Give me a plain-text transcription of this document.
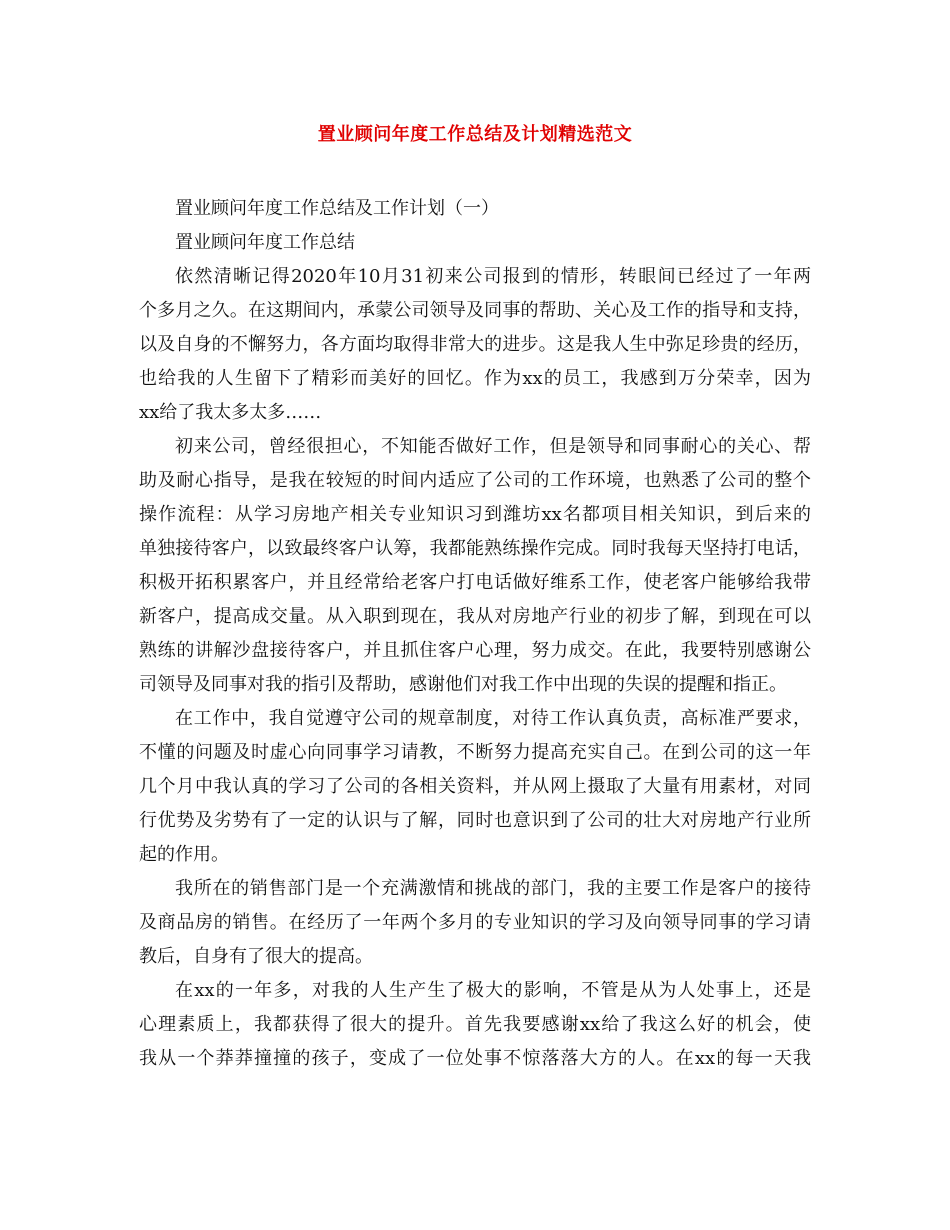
置业顾问年度工作总结及计划精选范文
置业顾问年度工作总结及工作计划（一）
置业顾问年度工作总结
依然清晰记得2020年10月31初来公司报到的情形，转眼间已经过了一年两
个多月之久。在这期间内，承蒙公司领导及同事的帮助、关心及工作的指导和支持，
以及自身的不懈努力，各方面均取得非常大的进步。这是我人生中弥足珍贵的经历，
也给我的人生留下了精彩而美好的回忆。作为xx的员工，我感到万分荣幸，因为
xx给了我太多太多……
初来公司，曾经很担心，不知能否做好工作，但是领导和同事耐心的关心、帮
助及耐心指导，是我在较短的时间内适应了公司的工作环境，也熟悉了公司的整个
操作流程：从学习房地产相关专业知识习到潍坊xx名都项目相关知识，到后来的
单独接待客户，以致最终客户认筹，我都能熟练操作完成。同时我每天坚持打电话，
积极开拓积累客户，并且经常给老客户打电话做好维系工作，使老客户能够给我带
新客户，提高成交量。从入职到现在，我从对房地产行业的初步了解，到现在可以
熟练的讲解沙盘接待客户，并且抓住客户心理，努力成交。在此，我要特别感谢公
司领导及同事对我的指引及帮助，感谢他们对我工作中出现的失误的提醒和指正。
在工作中，我自觉遵守公司的规章制度，对待工作认真负责，高标准严要求，
不懂的问题及时虚心向同事学习请教，不断努力提高充实自己。在到公司的这一年
几个月中我认真的学习了公司的各相关资料，并从网上摄取了大量有用素材，对同
行优势及劣势有了一定的认识与了解，同时也意识到了公司的壮大对房地产行业所
起的作用。
我所在的销售部门是一个充满激情和挑战的部门，我的主要工作是客户的接待
及商品房的销售。在经历了一年两个多月的专业知识的学习及向领导同事的学习请
教后，自身有了很大的提高。
在xx的一年多，对我的人生产生了极大的影响，不管是从为人处事上，还是
心理素质上，我都获得了很大的提升。首先我要感谢xx给了我这么好的机会，使
我从一个莽莽撞撞的孩子，变成了一位处事不惊落落大方的人。在xx的每一天我
